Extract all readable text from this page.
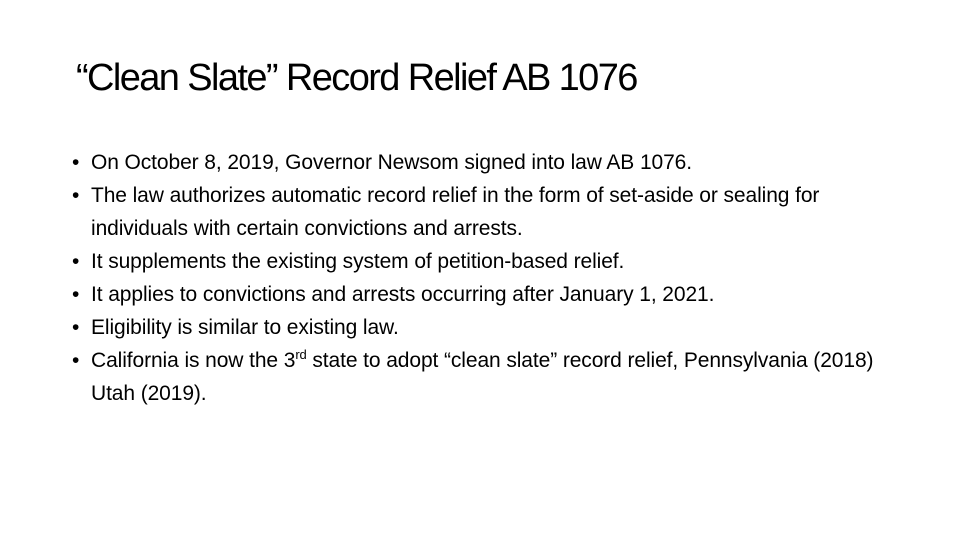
“Clean Slate” Record Relief AB 1076
• On October 8, 2019, Governor Newsom signed into law AB 1076.
• The law authorizes automatic record relief in the form of set-aside or sealing for individuals with certain convictions and arrests.
• It supplements the existing system of petition-based relief.
• It applies to convictions and arrests occurring after January 1, 2021.
• Eligibility is similar to existing law.
• California is now the 3rd state to adopt “clean slate” record relief, Pennsylvania (2018) Utah (2019).
